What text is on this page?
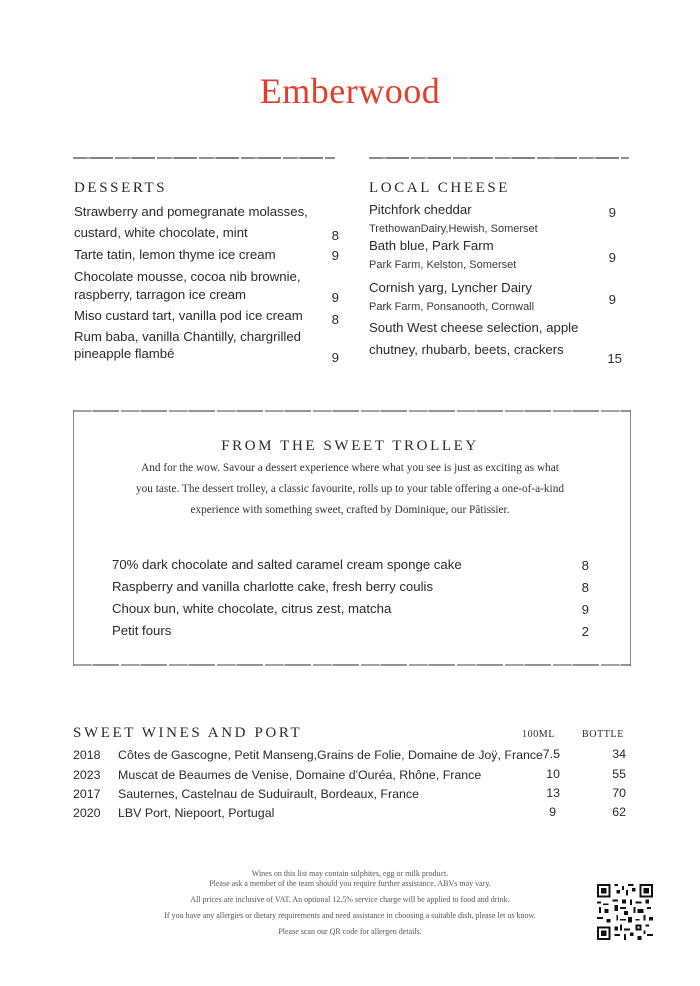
Emberwood
DESSERTS
Strawberry and pomegranate molasses,
custard, white chocolate, mint	8
Tarte tatin, lemon thyme ice cream	9
Chocolate mousse, cocoa nib brownie,
raspberry, tarragon ice cream	9
Miso custard tart, vanilla pod ice cream	8
Rum baba, vanilla Chantilly, chargrilled
pineapple flambé	9
LOCAL CHEESE
Pitchfork cheddar
TrethowanDairy,Hewish, Somerset
9
Bath blue, Park Farm
Park Farm, Kelston, Somerset	9
Cornish yarg, Lyncher Dairy
Park Farm, Ponsanooth, Cornwall	9
South West cheese selection, apple
chutney, rhubarb, beets, crackers
15
FROM THE SWEET TROLLEY
And for the wow. Savour a dessert experience where what you see is just as exciting as what
you taste. The dessert trolley, a classic favourite, rolls up to your table offering a one-of-a-kind
experience with something sweet, crafted by Dominique, our Pâtissier.
70% dark chocolate and salted caramel cream sponge cake	8
Raspberry and vanilla charlotte cake, fresh berry coulis	8
Choux bun, white chocolate, citrus zest, matcha	9
Petit fours	2
SWEET WINES AND PORT	100ML	BOTTLE
2018 Côtes de Gascogne, Petit Manseng,Grains de Folie, Domaine de Joÿ, France 7.5	34
2023 Muscat de Beaumes de Venise, Domaine d'Ouréa, Rhône, France	10	55
2017 Sauternes, Castelnau de Suduirault, Bordeaux, France	13	70
2020 LBV Port, Niepoort, Portugal	9	62
Wines on this list may contain sulphites, egg or milk product.
Please ask a member of the team should you require further assistance. ABVs may vary.
All prices are inclusive of VAT. An optional 12.5% service charge will be applied to food and drink.
If you have any allergies or dietary requirements and need assistance in choosing a suitable dish, please let us know.
Please scan our QR code for allergen details.
